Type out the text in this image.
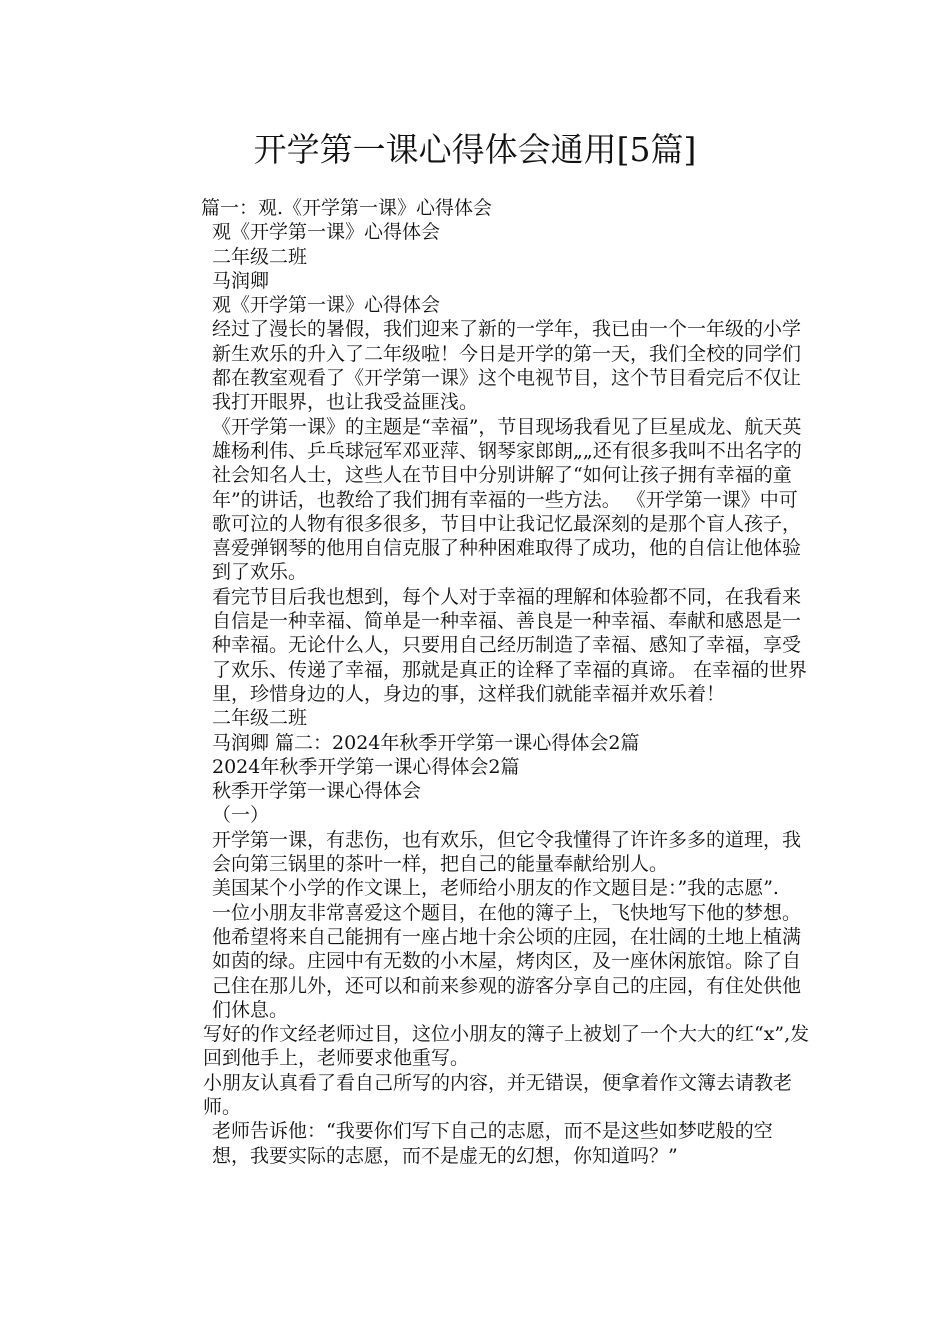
开学第一课心得体会通用[5篇]

篇一：观.《开学第一课》心得体会

观《开学第一课》心得体会

二年级二班

马润卿

观《开学第一课》心得体会

经过了漫长的暑假，我们迎来了新的一学年，我已由一个一年级的小学新生欢乐的升入了二年级啦！今日是开学的第一天，我们全校的同学们都在教室观看了《开学第一课》这个电视节目，这个节目看完后不仅让我打开眼界，也让我受益匪浅。

《开学第一课》的主题是“幸福”，节目现场我看见了巨星成龙、航天英雄杨利伟、乒乓球冠军邓亚萍、钢琴家郎朗„„还有很多我叫不出名字的社会知名人士，这些人在节目中分别讲解了“如何让孩子拥有幸福的童年”的讲话，也教给了我们拥有幸福的一些方法。 《开学第一课》中可歌可泣的人物有很多很多，节目中让我记忆最深刻的是那个盲人孩子，喜爱弹钢琴的他用自信克服了种种困难取得了成功，他的自信让他体验到了欢乐。

看完节目后我也想到，每个人对于幸福的理解和体验都不同，在我看来自信是一种幸福、简单是一种幸福、善良是一种幸福、奉献和感恩是一种幸福。无论什么人，只要用自己经历制造了幸福、感知了幸福，享受了欢乐、传递了幸福，那就是真正的诠释了幸福的真谛。 在幸福的世界里，珍惜身边的人，身边的事，这样我们就能幸福并欢乐着！

二年级二班

马润卿 篇二：2024年秋季开学第一课心得体会2篇

2024年秋季开学第一课心得体会2篇

秋季开学第一课心得体会

（一）

开学第一课，有悲伤，也有欢乐，但它令我懂得了许许多多的道理，我会向第三锅里的茶叶一样，把自己的能量奉献给别人。

美国某个小学的作文课上，老师给小朋友的作文题目是：”我的志愿”.  一位小朋友非常喜爱这个题目，在他的簿子上，飞快地写下他的梦想。他希望将来自己能拥有一座占地十余公顷的庄园，在壮阔的土地上植满如茵的绿。庄园中有无数的小木屋，烤肉区，及一座休闲旅馆。除了自己住在那儿外，还可以和前来参观的游客分享自己的庄园，有住处供他们休息。

写好的作文经老师过目，这位小朋友的簿子上被划了一个大大的红“x”,发回到他手上，老师要求他重写。

小朋友认真看了看自己所写的内容，并无错误，便拿着作文簿去请教老师。

老师告诉他：“我要你们写下自己的志愿，而不是这些如梦呓般的空想，我要实际的志愿，而不是虚无的幻想，你知道吗？”
